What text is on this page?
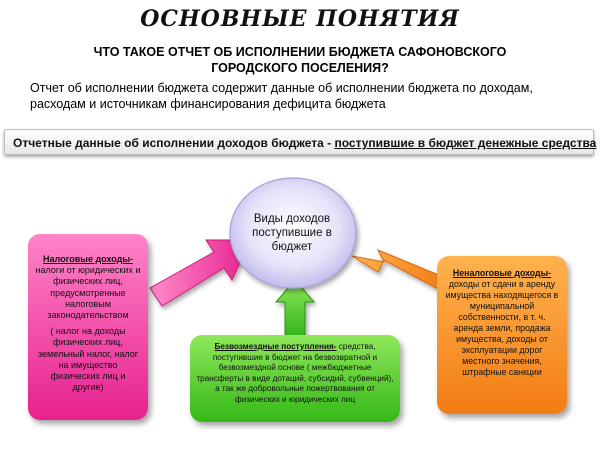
ОСНОВНЫЕ ПОНЯТИЯ
ЧТО ТАКОЕ ОТЧЕТ ОБ ИСПОЛНЕНИИ БЮДЖЕТА САФОНОВСКОГО ГОРОДСКОГО ПОСЕЛЕНИЯ?
Отчет об исполнении бюджета содержит данные об исполнении бюджета по доходам, расходам и источникам финансирования дефицита бюджета
Отчетные данные об исполнении доходов бюджета - поступившие в бюджет денежные средства
Виды доходов поступившие в бюджет
Налоговые доходы- налоги от юридических и физических лиц, предусмотренные налоговым законодательством
( налог на доходы физических лиц, земельный налог, налог на имущество физических лиц и другие)
Безвозмездные поступления- средства, поступившие в бюджет на безвозвратной и безвозмездной основе ( межбюджетные трансферты в виде дотаций, субсидий, субвенций), а так же добровольные пожертвования от физических и юридических лиц
Неналоговые доходы- доходы от сдачи в аренду имущества находящегося в муниципальной собственности, в т. ч. аренда земли, продажа имущества, доходы от эксплуатации дорог местного значения, штрафные санкции
